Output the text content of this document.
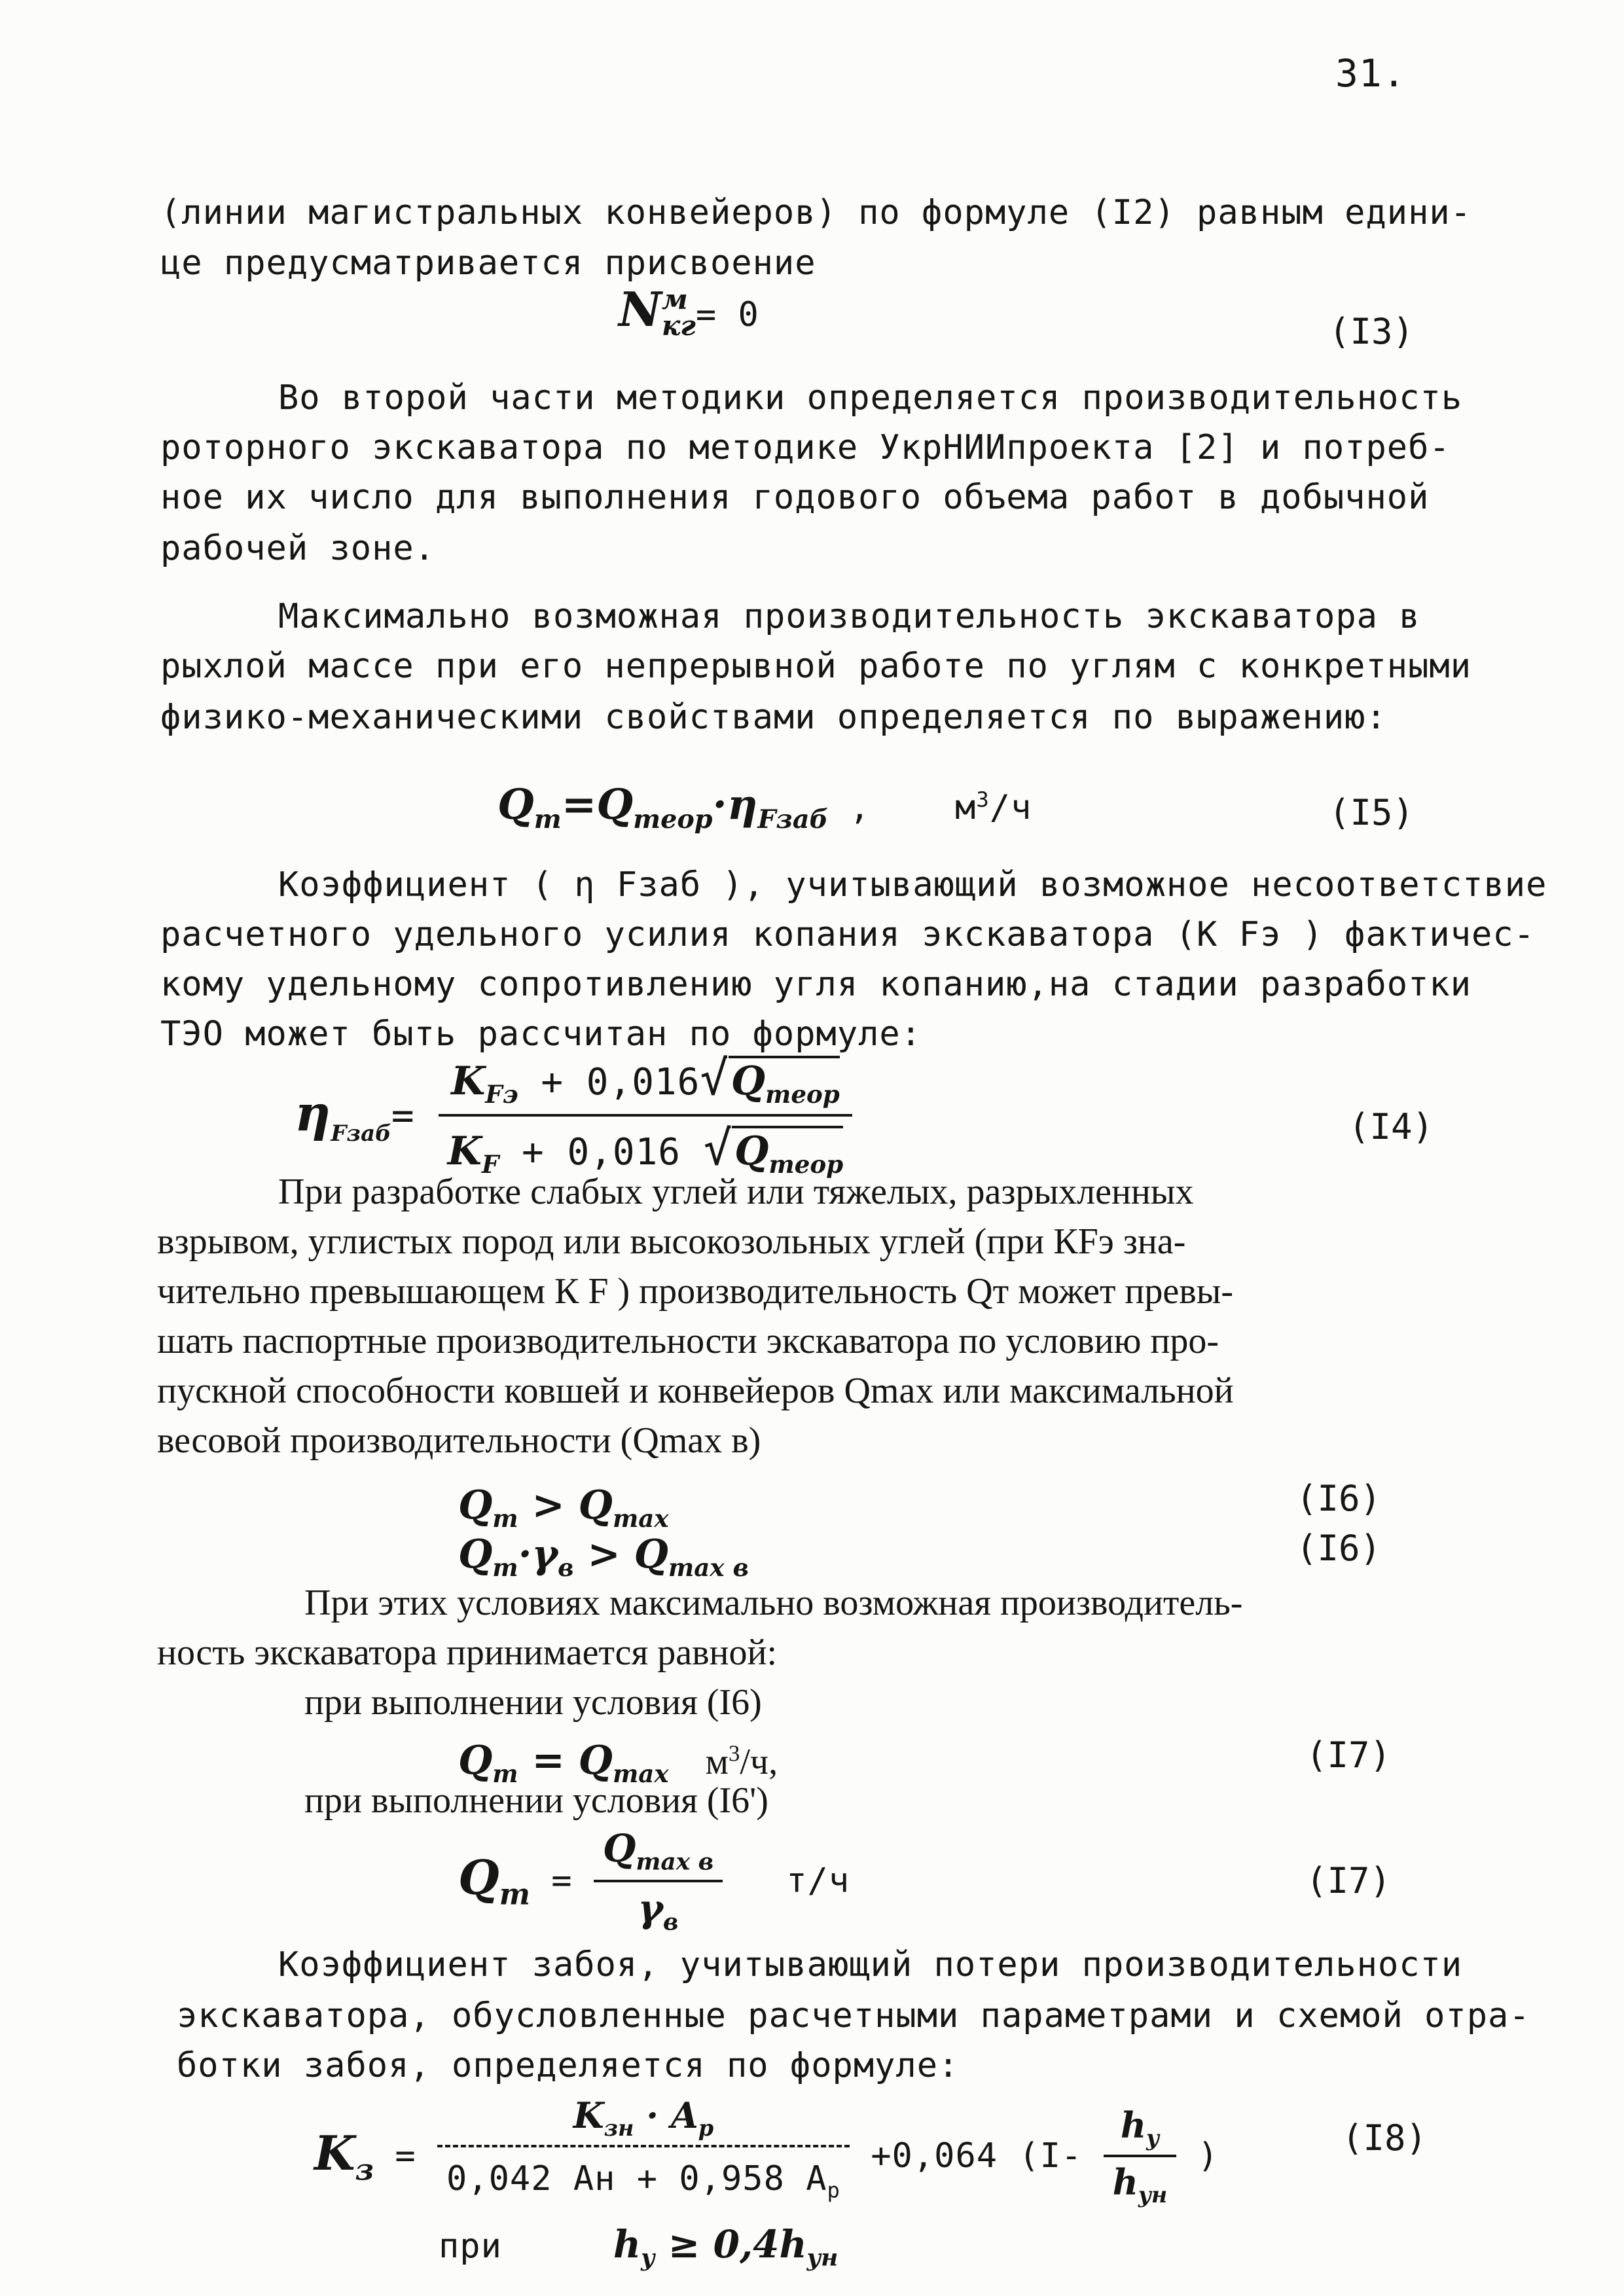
31.
(линии магистральных конвейеров) по формуле (I2) равным едини-
це предусматривается присвоение
N м
кг = 0	(I3)
Во второй части методики определяется производительность
роторного экскаватора по методике УкрНИИпроекта [2] и потреб-
ное их число для выполнения годового объема работ в добычной
рабочей зоне.
Максимально возможная производительность экскаватора в
рыхлой массе при его непрерывной работе по углям с конкретными
физико-механическими свойствами определяется по выражению:
$Q_т=Q_{теор}\cdot\eta_{Fзаб}$ ,    $м^3/ч$	(I5)
Коэффициент ( η Fзаб ), учитывающий возможное несоответствие
расчетного удельного усилия копания экскаватора (К Fэ ) фактичес-
кому удельному сопротивлению угля копанию,на стадии разработки
ТЭО может быть рассчитан по формуле:
$\eta_{Fзаб}= \frac{K_{Fэ} + 0,016√Q_{теор}}{K_F + 0,016 √Q_{теор}}$	(I4)
При разработке слабых углей или тяжелых, разрыхленных
взрывом, углистых пород или высокозольных углей (при КFэ зна-
чительно превышающем К F ) производительность Qт может превы-
шать паспортные производительности экскаватора по условию про-
пускной способности ковшей и конвейеров Qmax или максимальной
весовой производительности (Qmax в)
$Q_т > Q_{max}$	(I6)
$Q_т\cdot\gamma_в > Q_{max в}$	(I6)
При этих условиях максимально возможная производитель-
ность экскаватора принимается равной:
при выполнении условия (I6)
$Q_т = Q_{max}$    $м^3/ч$,	(I7)
при выполнении условия (I6')
$Q_т = \frac{Q_{max в}}{\gamma_в} т/ч$	(I7)
Коэффициент забоя, учитывающий потери производительности
экскаватора, обусловленные расчетными параметрами и схемой отра-
ботки забоя, определяется по формуле:
$K_з = \frac{K_{зн} \cdot A_р}{0,042 Ан + 0,958 A_р} +0,064$ ($I- \frac{h_у}{h_{ун}}$ )	(I8)
при	$h_у \ge 0,4h_{ун}$
